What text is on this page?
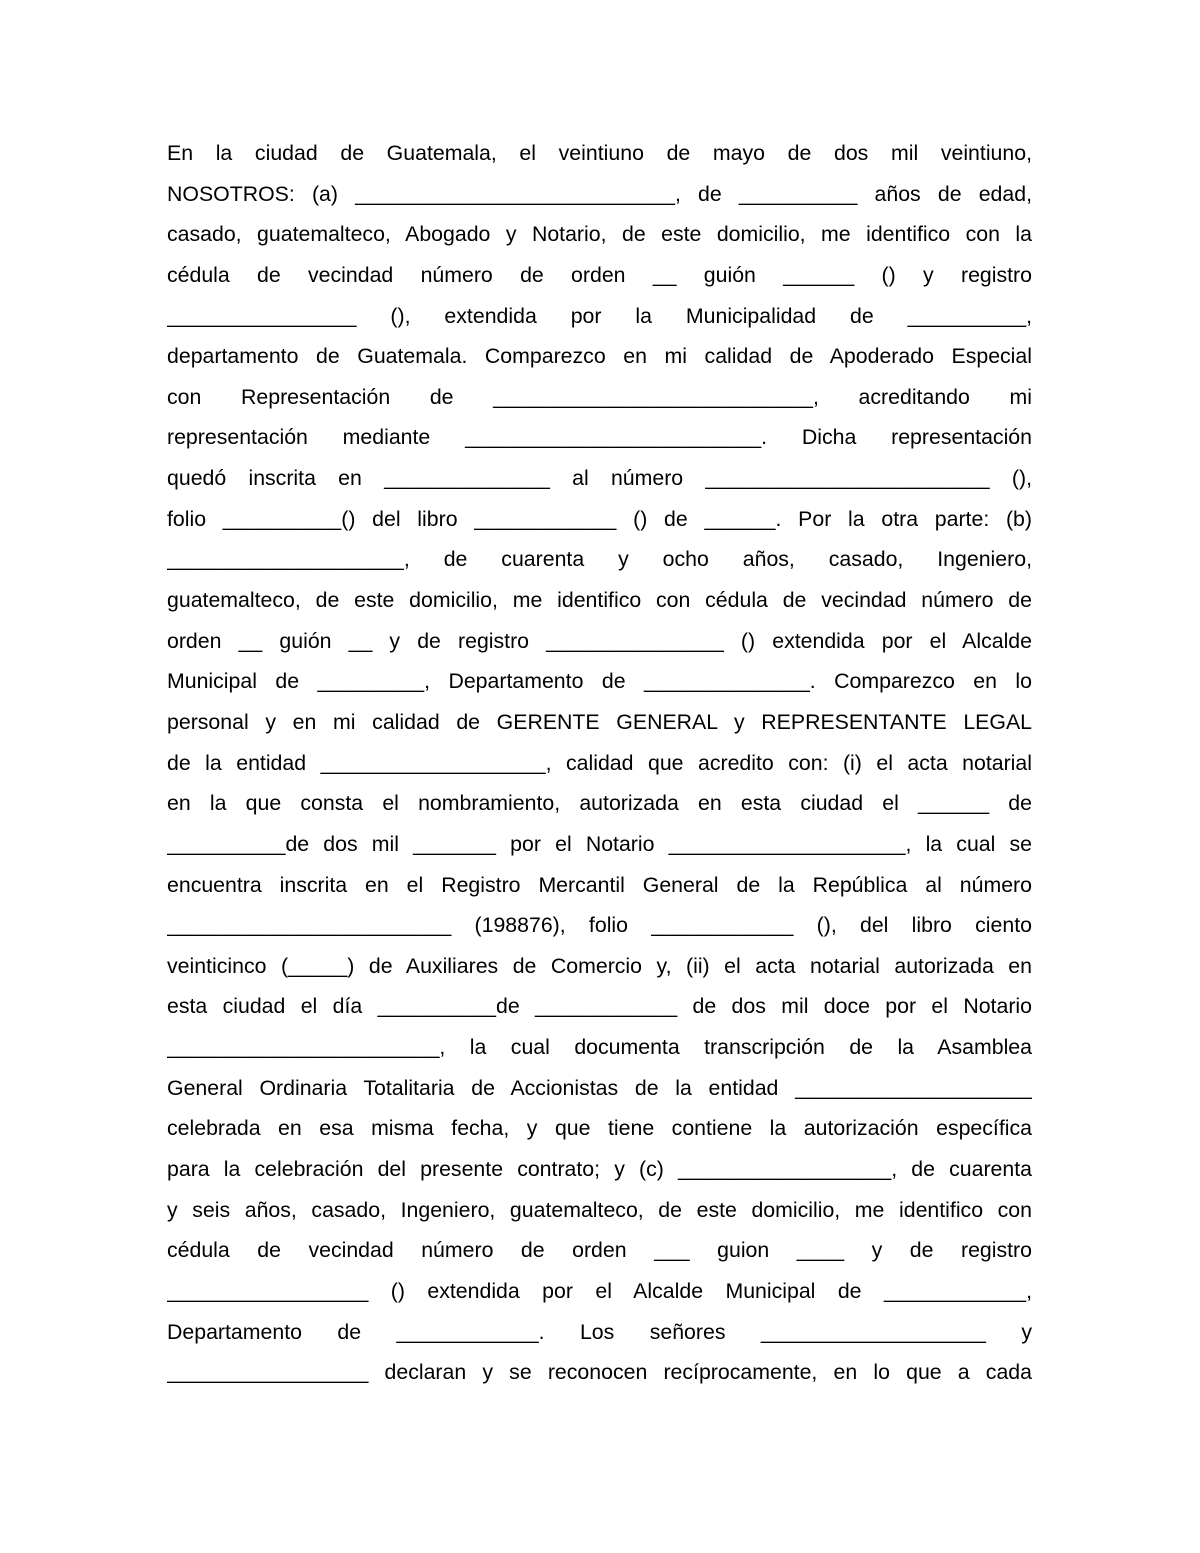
En la ciudad de Guatemala, el veintiuno de mayo de dos mil veintiuno,
NOSOTROS: (a) ___________________________, de __________ años de edad,
casado, guatemalteco, Abogado y Notario, de este domicilio, me identifico con la
cédula de vecindad número de orden __ guión ______ () y registro
________________ (), extendida por la Municipalidad de __________,
departamento de Guatemala. Comparezco en mi calidad de Apoderado Especial
con Representación de ___________________________, acreditando mi
representación mediante _________________________. Dicha representación
quedó inscrita en ______________ al número ________________________ (),
folio __________() del libro ____________ () de ______. Por la otra parte: (b)
____________________, de cuarenta y ocho años, casado, Ingeniero,
guatemalteco, de este domicilio, me identifico con cédula de vecindad número de
orden __ guión __ y de registro _______________ () extendida por el Alcalde
Municipal de _________, Departamento de ______________. Comparezco en lo
personal y en mi calidad de GERENTE GENERAL y REPRESENTANTE LEGAL
de la entidad ___________________, calidad que acredito con: (i) el acta notarial
en la que consta el nombramiento, autorizada en esta ciudad el ______ de
__________de dos mil _______ por el Notario ____________________, la cual se
encuentra inscrita en el Registro Mercantil General de la República al número
________________________ (198876), folio ____________ (), del libro ciento
veinticinco (_____) de Auxiliares de Comercio y, (ii) el acta notarial autorizada en
esta ciudad el día __________de ____________ de dos mil doce por el Notario
_______________________, la cual documenta transcripción de la Asamblea
General Ordinaria Totalitaria de Accionistas de la entidad ____________________
celebrada en esa misma fecha, y que tiene contiene la autorización específica
para la celebración del presente contrato; y (c) __________________, de cuarenta
y seis años, casado, Ingeniero, guatemalteco, de este domicilio, me identifico con
cédula de vecindad número de orden ___ guion ____ y de registro
_________________ () extendida por el Alcalde Municipal de ____________,
Departamento de ____________. Los señores ___________________ y
_________________ declaran y se reconocen recíprocamente, en lo que a cada
